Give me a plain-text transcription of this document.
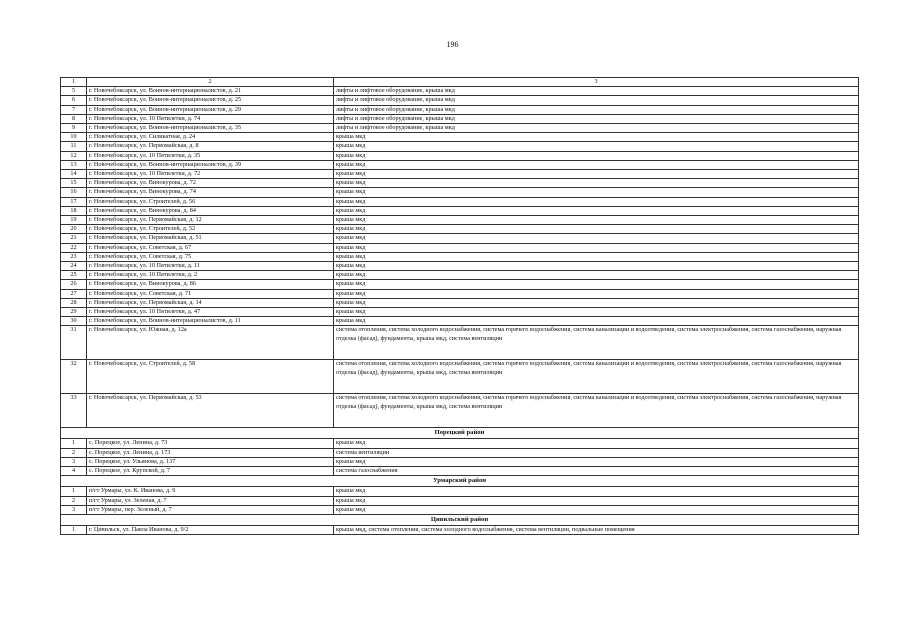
196
1	2	3
5	г. Новочебоксарск, ул. Воинов-интернационалистов, д. 21	лифты и лифтовое оборудование, крыша мкд
6	г. Новочебоксарск, ул. Воинов-интернационалистов, д. 25	лифты и лифтовое оборудование, крыша мкд
7	г. Новочебоксарск, ул. Воинов-интернационалистов, д. 29	лифты и лифтовое оборудование, крыша мкд
8	г. Новочебоксарск, ул. 10 Пятилетки, д. 74	лифты и лифтовое оборудование, крыша мкд
9	г. Новочебоксарск, ул. Воинов-интернационалистов, д. 35	лифты и лифтовое оборудование, крыша мкд
10	г. Новочебоксарск, ул. Силикатная, д. 24	крыша мкд
11	г. Новочебоксарск, ул. Первомайская, д. 8	крыша мкд
12	г. Новочебоксарск, ул. 10 Пятилетки, д. 35	крыша мкд
13	г. Новочебоксарск, ул. Воинов-интернационалистов, д. 39	крыша мкд
14	г. Новочебоксарск, ул. 10 Пятилетки, д. 72	крыша мкд
15	г. Новочебоксарск, ул. Винокурова, д. 72	крыша мкд
16	г. Новочебоксарск, ул. Винокурова, д. 74	крыша мкд
17	г. Новочебоксарск, ул. Строителей, д. 56	крыша мкд
18	г. Новочебоксарск, ул. Винокурова, д. 84	крыша мкд
19	г. Новочебоксарск, ул. Первомайская, д. 12	крыша мкд
20	г. Новочебоксарск, ул. Строителей, д. 52	крыша мкд
21	г. Новочебоксарск, ул. Первомайская, д. 51	крыша мкд
22	г. Новочебоксарск, ул. Советская, д. 67	крыша мкд
23	г. Новочебоксарск, ул. Советская, д. 75	крыша мкд
24	г. Новочебоксарск, ул. 10 Пятилетки, д. 11	крыша мкд
25	г. Новочебоксарск, ул. 10 Пятилетки, д. 2	крыша мкд
26	г. Новочебоксарск, ул. Винокурова, д. 86	крыша мкд
27	г. Новочебоксарск, ул. Советская, д. 71	крыша мкд
28	г. Новочебоксарск, ул. Первомайская, д. 14	крыша мкд
29	г. Новочебоксарск, ул. 10 Пятилетки, д. 47	крыша мкд
30	г. Новочебоксарск, ул. Воинов-интернационалистов, д. 11	крыша мкд
31	г. Новочебоксарск, ул. Южная, д. 12а	система отопления, система холодного водоснабжения, система горячего водоснабжения, система канализации и водоотведения, система электроснабжения, система газоснабжения, наружная отделка (фасад), фундаменты, крыша мкд, система вентиляции
32	г. Новочебоксарск, ул. Строителей, д. 58	система отопления, система холодного водоснабжения, система горячего водоснабжения, система канализации и водоотведения, система электроснабжения, система газоснабжения, наружная отделка (фасад), фундаменты, крыша мкд, система вентиляции
33	г. Новочебоксарск, ул. Первомайская, д. 53	система отопления, система холодного водоснабжения, система горячего водоснабжения, система канализации и водоотведения, система электроснабжения, система газоснабжения, наружная отделка (фасад), фундаменты, крыша мкд, система вентиляции
Порецкий район		
1	с. Порецкое, ул. Ленина, д. 73	крыша мкд
2	с. Порецкое, ул. Ленина, д. 173	система вентиляции
3	с. Порецкое, ул. Ульянова, д. 137	крыша мкд
4	с. Порецкое, ул. Крупской, д. 7	система газоснабжения
Урмарский район		
1	п/гт Урмары, ул. К. Иванова, д. 9	крыша мкд
2	п/гт Урмары, ул. Зеленая, д. 7	крыша мкд
3	п/гт Урмары, пер. Зеленый, д. 7	крыша мкд
Цивильский район		
1	г. Цивильск, ул. Павла Иванова, д. 9/2	крыша мкд, система отопления, система холодного водоснабжения, система вентиляции, подвальные помещения
